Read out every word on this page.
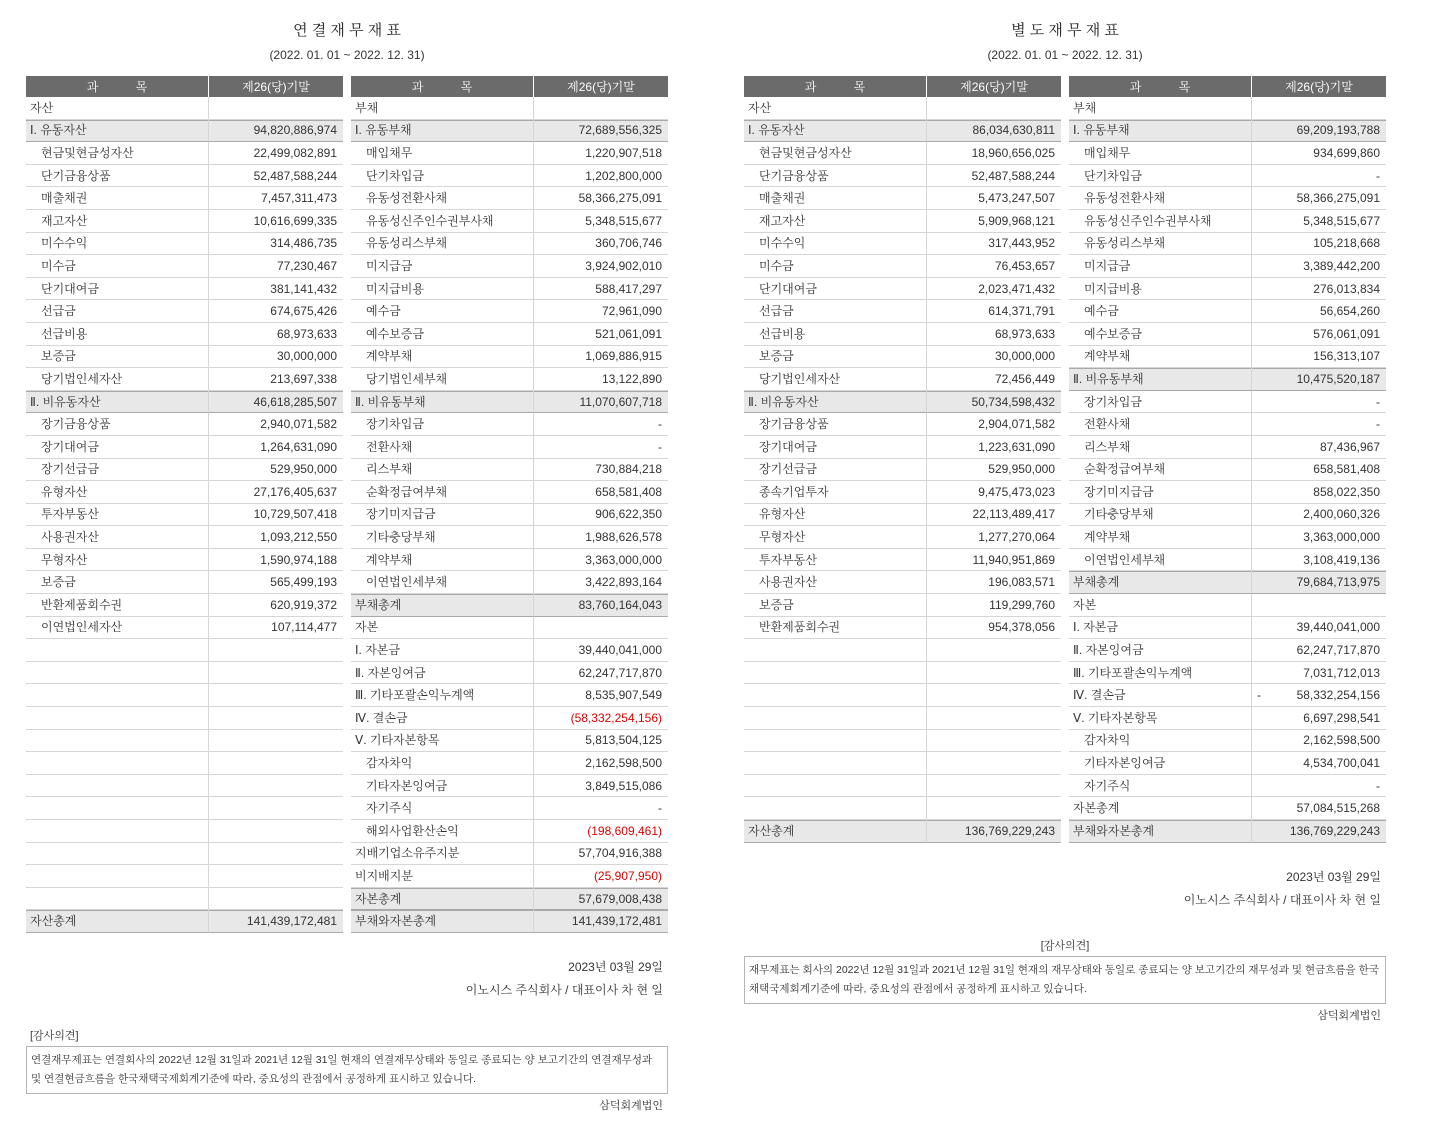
연 결 재 무 재 표
(2022. 01. 01 ~ 2022. 12. 31)
과 목	제26(당)기말		과 목	제26(당)기말
자산			부채	
Ⅰ. 유동자산	94,820,886,974		Ⅰ. 유동부채	72,689,556,325
현금및현금성자산	22,499,082,891		매입채무	1,220,907,518
단기금융상품	52,487,588,244		단기차입금	1,202,800,000
매출채권	7,457,311,473		유동성전환사채	58,366,275,091
재고자산	10,616,699,335		유동성신주인수권부사채	5,348,515,677
미수수익	314,486,735		유동성리스부채	360,706,746
미수금	77,230,467		미지급금	3,924,902,010
단기대여금	381,141,432		미지급비용	588,417,297
선급금	674,675,426		예수금	72,961,090
선급비용	68,973,633		예수보증금	521,061,091
보증금	30,000,000		계약부채	1,069,886,915
당기법인세자산	213,697,338		당기법인세부채	13,122,890
Ⅱ. 비유동자산	46,618,285,507		Ⅱ. 비유동부채	11,070,607,718
장기금융상품	2,940,071,582		장기차입금	-
장기대여금	1,264,631,090		전환사채	-
장기선급금	529,950,000		리스부채	730,884,218
유형자산	27,176,405,637		순확정급여부채	658,581,408
투자부동산	10,729,507,418		장기미지급금	906,622,350
사용권자산	1,093,212,550		기타충당부채	1,988,626,578
무형자산	1,590,974,188		계약부채	3,363,000,000
보증금	565,499,193		이연법인세부채	3,422,893,164
반환제품회수권	620,919,372		부채총계	83,760,164,043
이연법인세자산	107,114,477		자본	
			Ⅰ. 자본금	39,440,041,000
			Ⅱ. 자본잉여금	62,247,717,870
			Ⅲ. 기타포괄손익누계액	8,535,907,549
			Ⅳ. 결손금	(58,332,254,156)
			Ⅴ. 기타자본항목	5,813,504,125
			감자차익	2,162,598,500
			기타자본잉여금	3,849,515,086
			자기주식	-
			해외사업환산손익	(198,609,461)
			지배기업소유주지분	57,704,916,388
			비지배지분	(25,907,950)
			자본총계	57,679,008,438
자산총계	141,439,172,481		부채와자본총계	141,439,172,481
2023년 03월 29일
이노시스 주식회사 / 대표이사 차 현 일
[감사의견]
연결재무제표는 연결회사의 2022년 12월 31일과 2021년 12월 31일 현재의 연결재무상태와 동일로 종료되는 양 보고기간의 연결재무성과 및 연결현금흐름을 한국채택국제회계기준에 따라, 중요성의 관점에서 공정하게 표시하고 있습니다.
삼덕회계법인
별 도 재 무 재 표
(2022. 01. 01 ~ 2022. 12. 31)
과 목	제26(당)기말		과 목	제26(당)기말
자산			부채	
Ⅰ. 유동자산	86,034,630,811		Ⅰ. 유동부채	69,209,193,788
현금및현금성자산	18,960,656,025		매입채무	934,699,860
단기금융상품	52,487,588,244		단기차입금	-
매출채권	5,473,247,507		유동성전환사채	58,366,275,091
재고자산	5,909,968,121		유동성신주인수권부사채	5,348,515,677
미수수익	317,443,952		유동성리스부채	105,218,668
미수금	76,453,657		미지급금	3,389,442,200
단기대여금	2,023,471,432		미지급비용	276,013,834
선급금	614,371,791		예수금	56,654,260
선급비용	68,973,633		예수보증금	576,061,091
보증금	30,000,000		계약부채	156,313,107
당기법인세자산	72,456,449		Ⅱ. 비유동부채	10,475,520,187
Ⅱ. 비유동자산	50,734,598,432		장기차입금	-
장기금융상품	2,904,071,582		전환사채	-
장기대여금	1,223,631,090		리스부채	87,436,967
장기선급금	529,950,000		순확정급여부채	658,581,408
종속기업투자	9,475,473,023		장기미지급금	858,022,350
유형자산	22,113,489,417		기타충당부채	2,400,060,326
무형자산	1,277,270,064		계약부채	3,363,000,000
투자부동산	11,940,951,869		이연법인세부채	3,108,419,136
사용권자산	196,083,571		부채총계	79,684,713,975
보증금	119,299,760		자본	
반환제품회수권	954,378,056		Ⅰ. 자본금	39,440,041,000
			Ⅱ. 자본잉여금	62,247,717,870
			Ⅲ. 기타포괄손익누계액	7,031,712,013
			Ⅳ. 결손금	- 58,332,254,156
			Ⅴ. 기타자본항목	6,697,298,541
			감자차익	2,162,598,500
			기타자본잉여금	4,534,700,041
			자기주식	-
			자본총계	57,084,515,268
자산총계	136,769,229,243		부채와자본총계	136,769,229,243
2023년 03월 29일
이노시스 주식회사 / 대표이사 차 현 일
[감사의견]
재무제표는 회사의 2022년 12월 31일과 2021년 12월 31일 현재의 재무상태와 동일로 종료되는 양 보고기간의 재무성과 및 현금흐름을 한국채택국제회계기준에 따라, 중요성의 관점에서 공정하게 표시하고 있습니다.
삼덕회계법인
